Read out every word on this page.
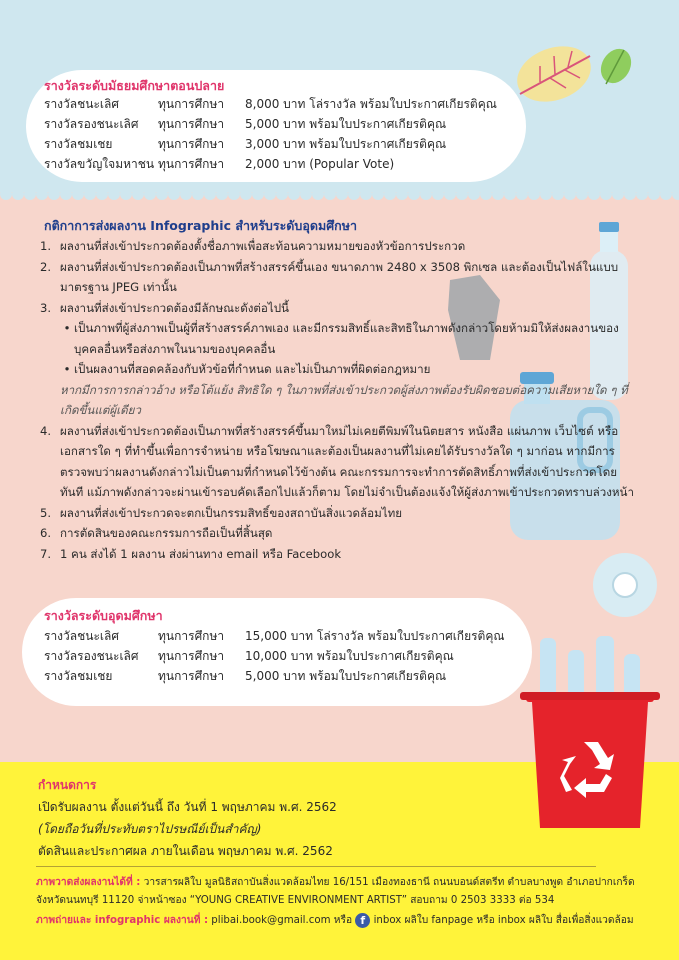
รางวัลระดับมัธยมศึกษาตอนปลาย
รางวัลชนะเลิศ	ทุนการศึกษา	8,000 บาท โล่รางวัล พร้อมใบประกาศเกียรติคุณ
รางวัลรองชนะเลิศ	ทุนการศึกษา	5,000 บาท พร้อมใบประกาศเกียรติคุณ
รางวัลชมเชย	ทุนการศึกษา	3,000 บาท พร้อมใบประกาศเกียรติคุณ
รางวัลขวัญใจมหาชน ทุนการศึกษา	2,000 บาท (Popular Vote)
กติกาการส่งผลงาน Infographic สำหรับระดับอุดมศึกษา
1. ผลงานที่ส่งเข้าประกวดต้องตั้งชื่อภาพเพื่อสะท้อนความหมายของหัวข้อการประกวด
2. ผลงานที่ส่งเข้าประกวดต้องเป็นภาพที่สร้างสรรค์ขึ้นเอง ขนาดภาพ 2480 x 3508 พิกเซล และต้องเป็นไฟล์ในแบบมาตรฐาน JPEG เท่านั้น
3. ผลงานที่ส่งเข้าประกวดต้องมีลักษณะดังต่อไปนี้
• เป็นภาพที่ผู้ส่งภาพเป็นผู้ที่สร้างสรรค์ภาพเอง และมีกรรมสิทธิ์และสิทธิในภาพดังกล่าวโดยห้ามมิให้ส่งผลงานของบุคคลอื่นหรือส่งภาพในนามของบุคคลอื่น
• เป็นผลงานที่สอดคล้องกับหัวข้อที่กำหนด และไม่เป็นภาพที่ผิดต่อกฎหมาย
หากมีการการกล่าวอ้าง หรือโต้แย้ง สิทธิใด ๆ ในภาพที่ส่งเข้าประกวดผู้ส่งภาพต้องรับผิดชอบต่อความเสียหายใด ๆ ที่เกิดขึ้นแต่ผู้เดียว
4. ผลงานที่ส่งเข้าประกวดต้องเป็นภาพที่สร้างสรรค์ขึ้นมาใหม่ไม่เคยตีพิมพ์ในนิตยสาร หนังสือ แผ่นภาพ เว็บไซต์ หรือเอกสารใด ๆ ที่ทำขึ้นเพื่อการจำหน่าย หรือโฆษณาและต้องเป็นผลงานที่ไม่เคยได้รับรางวัลใด ๆ มาก่อน หากมีการตรวจพบว่าผลงานดังกล่าวไม่เป็นตามที่กำหนดไว้ข้างต้น คณะกรรมการจะทำการตัดสิทธิ์ภาพที่ส่งเข้าประกวดโดยทันที แม้ภาพดังกล่าวจะผ่านเข้ารอบคัดเลือกไปแล้วก็ตาม โดยไม่จำเป็นต้องแจ้งให้ผู้ส่งภาพเข้าประกวดทราบล่วงหน้า
5. ผลงานที่ส่งเข้าประกวดจะตกเป็นกรรมสิทธิ์ของสถาบันสิ่งแวดล้อมไทย
6. การตัดสินของคณะกรรมการถือเป็นที่สิ้นสุด
7. 1 คน ส่งได้ 1 ผลงาน ส่งผ่านทาง email หรือ Facebook
รางวัลระดับอุดมศึกษา
รางวัลชนะเลิศ	ทุนการศึกษา	15,000 บาท โล่รางวัล พร้อมใบประกาศเกียรติคุณ
รางวัลรองชนะเลิศ	ทุนการศึกษา	10,000 บาท พร้อมใบประกาศเกียรติคุณ
รางวัลชมเชย	ทุนการศึกษา	5,000 บาท พร้อมใบประกาศเกียรติคุณ
กำหนดการ
เปิดรับผลงาน ตั้งแต่วันนี้ ถึง วันที่ 1 พฤษภาคม พ.ศ. 2562
(โดยถือวันที่ประทับตราไปรษณีย์เป็นสำคัญ)
ตัดสินและประกาศผล ภายในเดือน พฤษภาคม พ.ศ. 2562
ภาพวาดส่งผลงานได้ที่ : วารสารผลิใบ มูลนิธิสถาบันสิ่งแวดล้อมไทย 16/151 เมืองทองธานี ถนนบอนด์สตรีท ตำบลบางพูด อำเภอปากเกร็ด จังหวัดนนทบุรี 11120 จ่าหน้าซอง “YOUNG CREATIVE ENVIRONMENT ARTIST” สอบถาม 0 2503 3333 ต่อ 534
ภาพถ่ายและ infographic ผลงานที่ : plibai.book@gmail.com หรือ f inbox ผลิใบ fanpage หรือ inbox ผลิใบ สื่อเพื่อสิ่งแวดล้อม
